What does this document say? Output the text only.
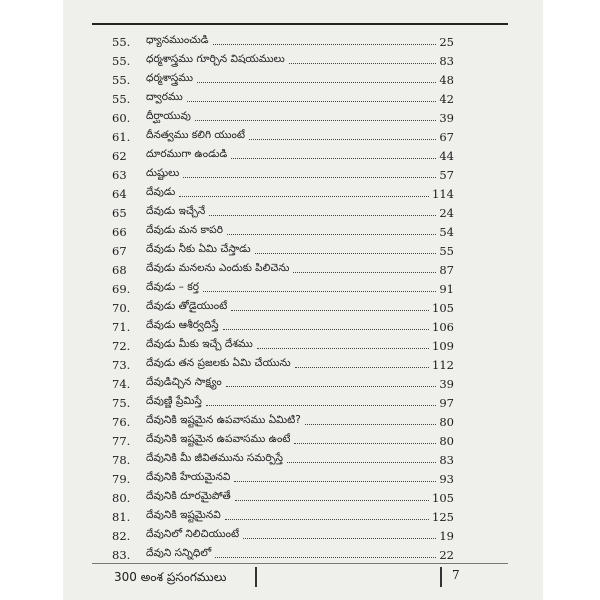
55.	ధ్యానముంచుడి	25
55.	ధర్మశాస్త్రము గూర్చిన విషయములు	83
55.	ధర్మశాస్త్రము	48
55.	ద్వారము	42
60.	దీర్ఘాయువు	39
61.	దీనత్వము కలిగి యుంటే	67
62	దూరముగా ఉండుడి	44
63	దుష్టులు	57
64	దేవుడు	114
65	దేవుడు ఇచ్చేనే	24
66	దేవుడు మన కాపరి	54
67	దేవుడు నీకు ఏమి చేస్తాడు	55
68	దేవుడు మనలను ఎందుకు పిలిచెను	87
69.	దేవుడు – కర్త	91
70.	దేవుడు తోడైయుంటే	105
71.	దేవుడు ఆశీర్వదిస్తే	106
72.	దేవుడు మీకు ఇచ్చే దేశము	109
73.	దేవుడు తన ప్రజలకు ఏమి చేయును	112
74.	దేవుడిచ్చిన సాక్ష్యం	39
75.	దేవుణ్ణి ప్రేమిస్తే	97
76.	దేవునికి ఇష్టమైన ఉపవాసము ఏమిటి?	80
77.	దేవునికి ఇష్టమైన ఉపవాసము ఉంటే	80
78.	దేవునికి మీ జీవితమును సమర్పిస్తే	83
79.	దేవునికి హేయమైనవి	93
80.	దేవునికి దూరమైపోతే	105
81.	దేవునికి ఇష్టమైనవి	125
82.	దేవునిలో నిలిచియుంటే	19
83.	దేవుని సన్నిధిలో	22
300 అంశ ప్రసంగములు	7
